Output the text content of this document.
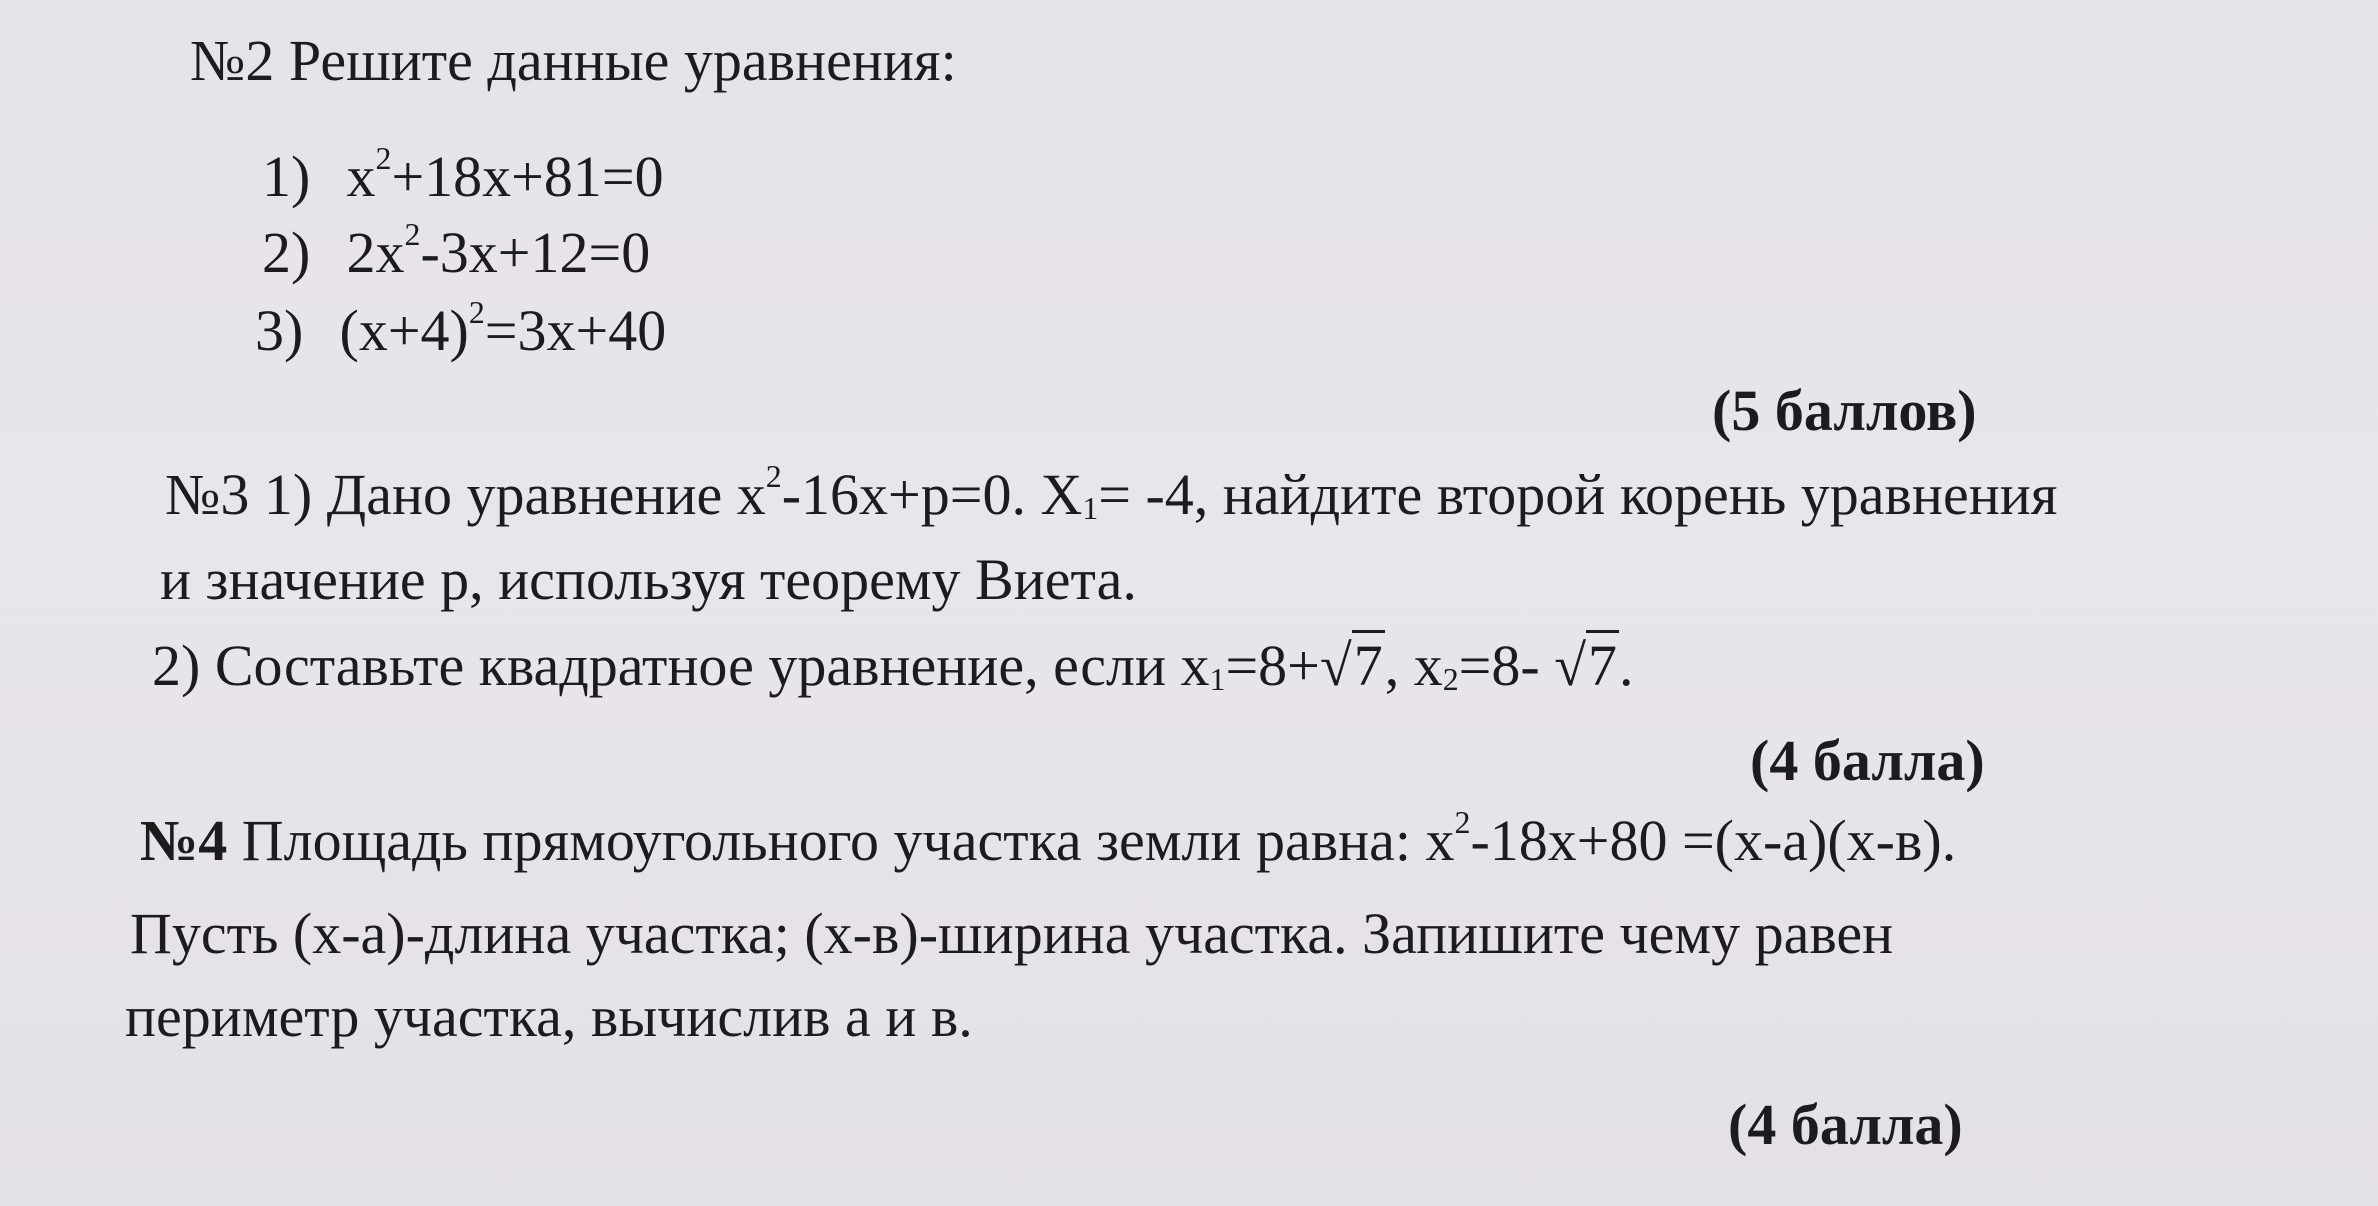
№2 Решите данные уравнения:
1) $x^2+18x+81=0$
2) $2x^2-3x+12=0$
3) $(x+4)^2=3x+40$
(5 баллов)
№3 1) Дано уравнение $x^2-16x+p=0$. $X_1= -4$, найдите второй корень уравнения
и значение p, используя теорему Виета.
2) Составьте квадратное уравнение, если $x_1=8+√7$, $x_2=8-$ √7.
(4 балла)
№4 Площадь прямоугольного участка земли равна: $x^2-18x+80 =(x-a)(x-в)$.
Пусть (x-a)-длина участка; (x-в)-ширина участка. Запишите чему равен
периметр участка, вычислив a и в.
(4 балла)
